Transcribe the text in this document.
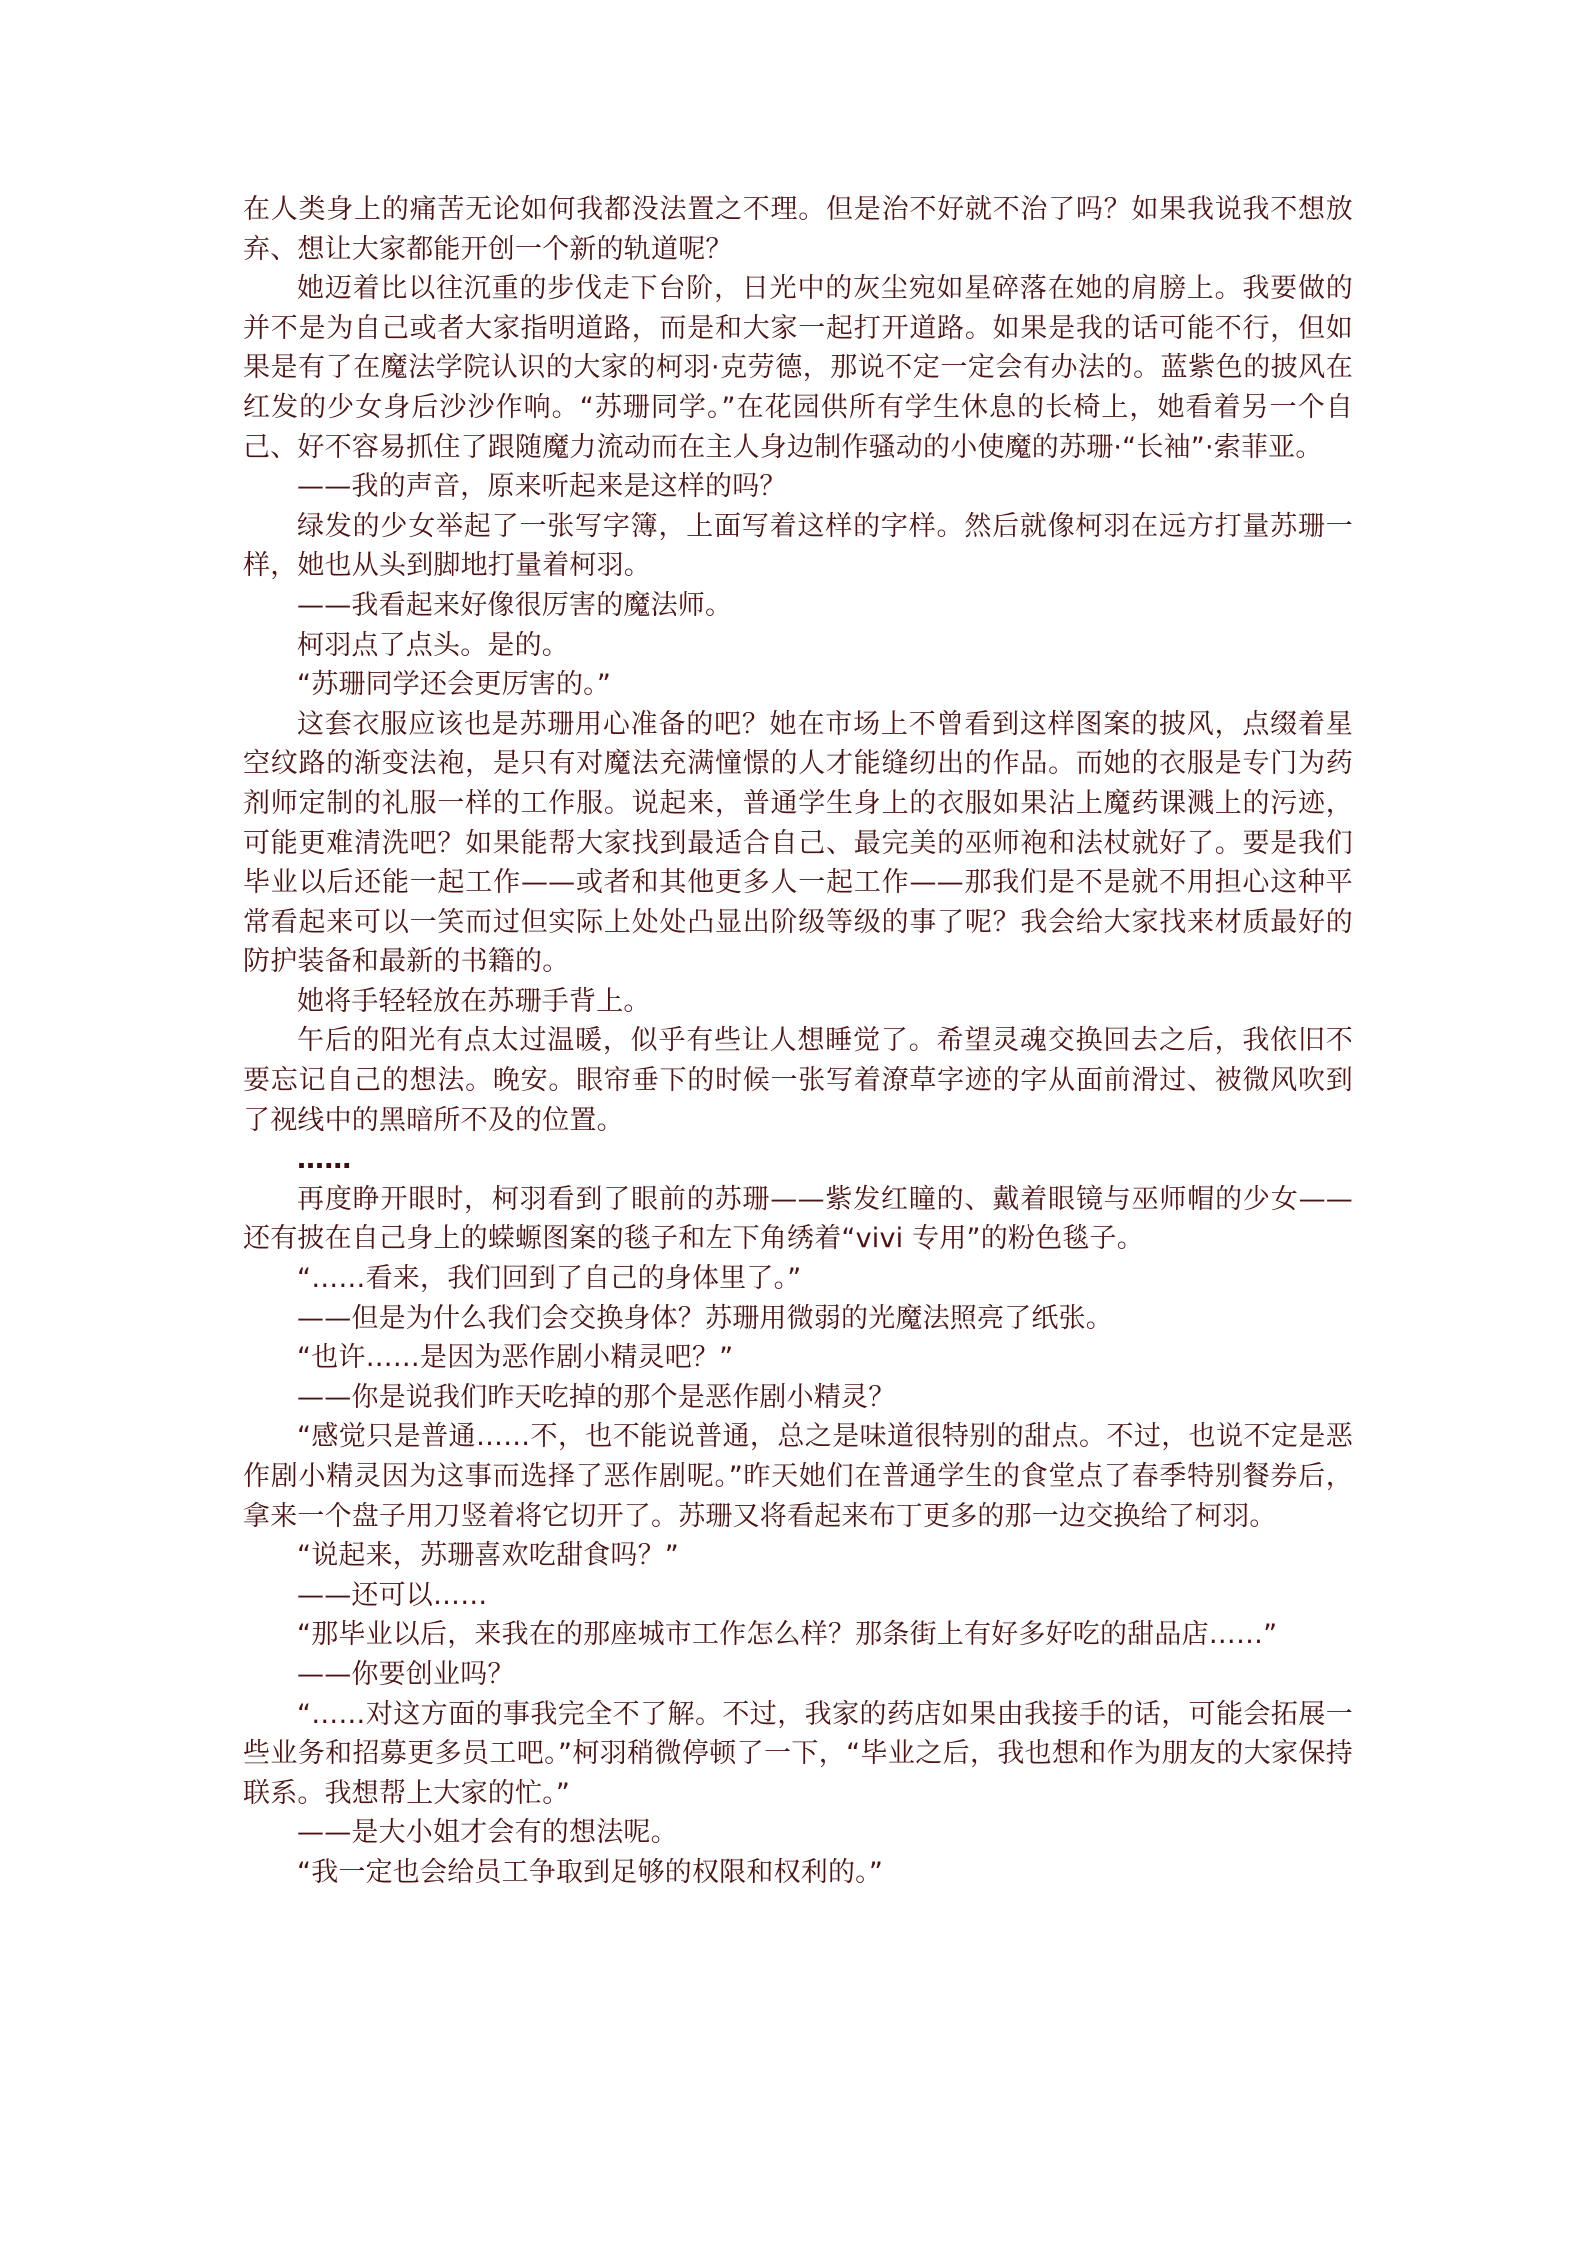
在人类身上的痛苦无论如何我都没法置之不理。但是治不好就不治了吗？如果我说我不想放弃、想让大家都能开创一个新的轨道呢？

她迈着比以往沉重的步伐走下台阶，日光中的灰尘宛如星碎落在她的肩膀上。我要做的并不是为自己或者大家指明道路，而是和大家一起打开道路。如果是我的话可能不行，但如果是有了在魔法学院认识的大家的柯羽·克劳德，那说不定一定会有办法的。蓝紫色的披风在红发的少女身后沙沙作响。“苏珊同学。”在花园供所有学生休息的长椅上，她看着另一个自己、好不容易抓住了跟随魔力流动而在主人身边制作骚动的小使魔的苏珊·“长袖”·索菲亚。

——我的声音，原来听起来是这样的吗？

绿发的少女举起了一张写字簿，上面写着这样的字样。然后就像柯羽在远方打量苏珊一样，她也从头到脚地打量着柯羽。

——我看起来好像很厉害的魔法师。

柯羽点了点头。是的。

“苏珊同学还会更厉害的。”

这套衣服应该也是苏珊用心准备的吧？她在市场上不曾看到这样图案的披风，点缀着星空纹路的渐变法袍，是只有对魔法充满憧憬的人才能缝纫出的作品。而她的衣服是专门为药剂师定制的礼服一样的工作服。说起来，普通学生身上的衣服如果沾上魔药课溅上的污迹，可能更难清洗吧？如果能帮大家找到最适合自己、最完美的巫师袍和法杖就好了。要是我们毕业以后还能一起工作——或者和其他更多人一起工作——那我们是不是就不用担心这种平常看起来可以一笑而过但实际上处处凸显出阶级等级的事了呢？我会给大家找来材质最好的防护装备和最新的书籍的。

她将手轻轻放在苏珊手背上。

午后的阳光有点太过温暖，似乎有些让人想睡觉了。希望灵魂交换回去之后，我依旧不要忘记自己的想法。晚安。眼帘垂下的时候一张写着潦草字迹的字从面前滑过、被微风吹到了视线中的黑暗所不及的位置。

……

再度睁开眼时，柯羽看到了眼前的苏珊——紫发红瞳的、戴着眼镜与巫师帽的少女——还有披在自己身上的蝾螈图案的毯子和左下角绣着“vivi 专用”的粉色毯子。

“……看来，我们回到了自己的身体里了。”

——但是为什么我们会交换身体？苏珊用微弱的光魔法照亮了纸张。

“也许……是因为恶作剧小精灵吧？”

——你是说我们昨天吃掉的那个是恶作剧小精灵？

“感觉只是普通……不，也不能说普通，总之是味道很特别的甜点。不过，也说不定是恶作剧小精灵因为这事而选择了恶作剧呢。”昨天她们在普通学生的食堂点了春季特别餐券后，拿来一个盘子用刀竖着将它切开了。苏珊又将看起来布丁更多的那一边交换给了柯羽。

“说起来，苏珊喜欢吃甜食吗？”

——还可以……

“那毕业以后，来我在的那座城市工作怎么样？那条街上有好多好吃的甜品店……”

——你要创业吗？

“……对这方面的事我完全不了解。不过，我家的药店如果由我接手的话，可能会拓展一些业务和招募更多员工吧。”柯羽稍微停顿了一下，“毕业之后，我也想和作为朋友的大家保持联系。我想帮上大家的忙。”

——是大小姐才会有的想法呢。

“我一定也会给员工争取到足够的权限和权利的。”
